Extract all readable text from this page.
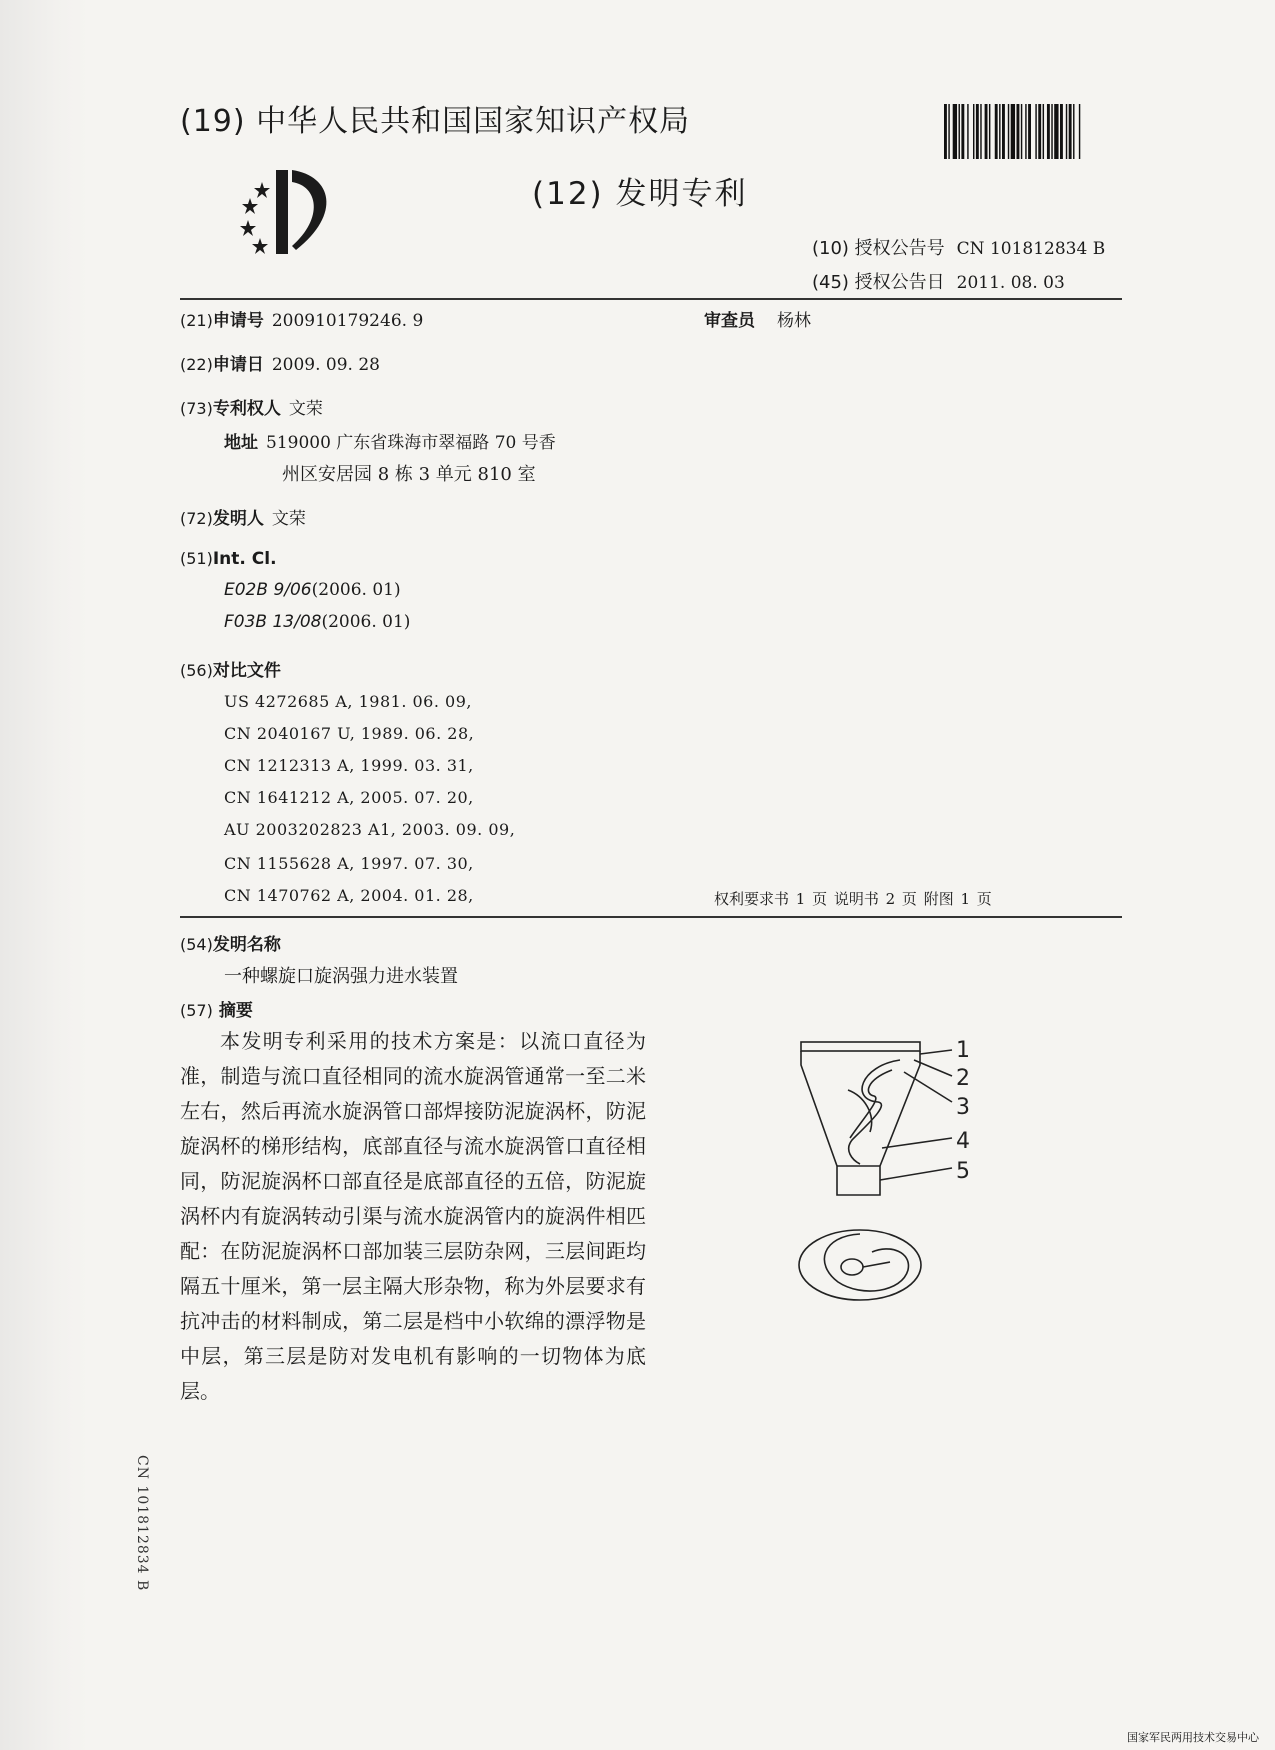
(19) 中华人民共和国国家知识产权局
(12) 发明专利
(10) 授权公告号 CN 101812834 B
(45) 授权公告日 2011. 08. 03
(21)申请号 200910179246. 9	审查员 杨林
(22)申请日 2009. 09. 28
(73)专利权人 文荣
地址 519000 广东省珠海市翠福路 70 号香
州区安居园 8 栋 3 单元 810 室
(72)发明人 文荣
(51)Int. Cl.
E02B 9/06(2006. 01)
F03B 13/08(2006. 01)
(56)对比文件
US 4272685 A, 1981. 06. 09,
CN 2040167 U, 1989. 06. 28,
CN 1212313 A, 1999. 03. 31,
CN 1641212 A, 2005. 07. 20,
AU 2003202823 A1, 2003. 09. 09,
CN 1155628 A, 1997. 07. 30,
CN 1470762 A, 2004. 01. 28,	权利要求书 1 页 说明书 2 页 附图 1 页
(54)发明名称
一种螺旋口旋涡强力进水装置
(57) 摘要
本发明专利采用的技术方案是：以流口直径为准，制造与流口直径相同的流水旋涡管通常一至二米左右，然后再流水旋涡管口部焊接防泥旋涡杯，防泥旋涡杯的梯形结构，底部直径与流水旋涡管口直径相同，防泥旋涡杯口部直径是底部直径的五倍，防泥旋涡杯内有旋涡转动引渠与流水旋涡管内的旋涡件相匹配：在防泥旋涡杯口部加装三层防杂网，三层间距均隔五十厘米，第一层主隔大形杂物，称为外层要求有抗冲击的材料制成，第二层是档中小软绵的漂浮物是中层，第三层是防对发电机有影响的一切物体为底层。
1
2
3
4
5
CN 101812834 B
国家军民两用技术交易中心
